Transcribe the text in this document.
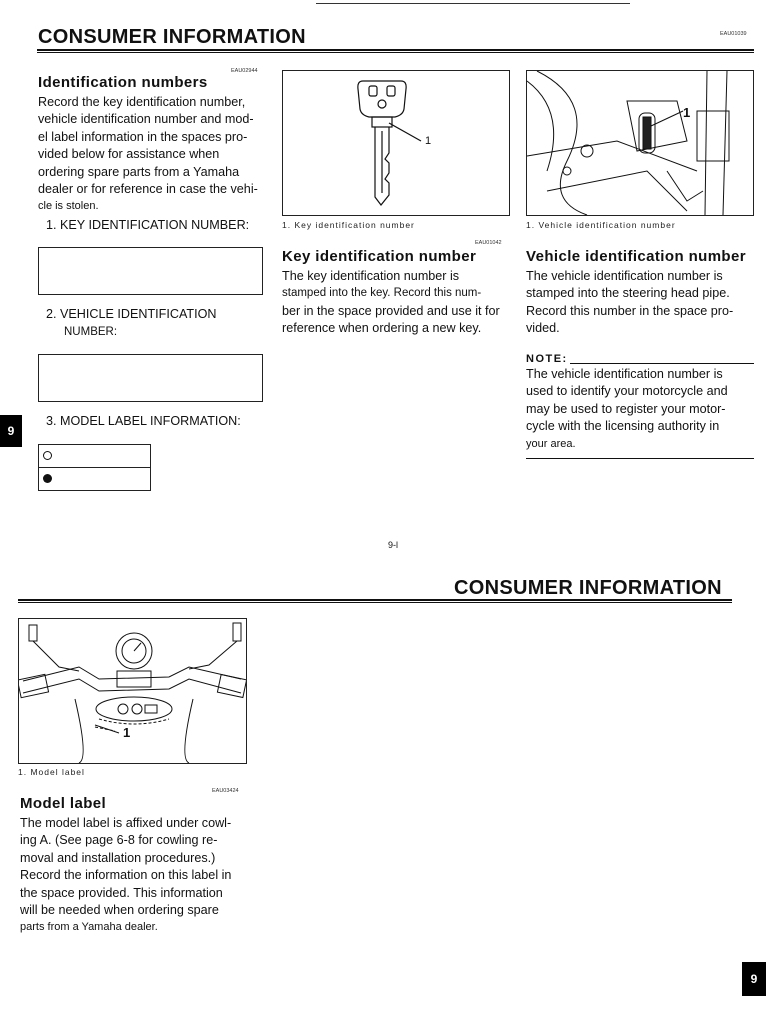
CONSUMER INFORMATION	EAU01039
EAU02944
Identification numbers
Record the key identification number,
vehicle identification number and mod-
el label information in the spaces pro-
vided below for assistance when
ordering spare parts from a Yamaha
dealer or for reference in case the vehi-
cle is stolen.
1. KEY IDENTIFICATION NUMBER:
2. VEHICLE IDENTIFICATION
NUMBER:
9
3. MODEL LABEL INFORMATION:
1
1. Key identification number
EAU01042
Key identification number
The key identification number is
stamped into the key. Record this num-
ber in the space provided and use it for
reference when ordering a new key.
1
1. Vehicle identification number
Vehicle identification number
The vehicle identification number is
stamped into the steering head pipe.
Record this number in the space pro-
vided.
NOTE:
The vehicle identification number is
used to identify your motorcycle and
may be used to register your motor-
cycle with the licensing authority in
your area.
9-l
CONSUMER INFORMATION
1
1. Model label
EAU03424
Model label
The model label is affixed under cowl-
ing A. (See page 6-8 for cowling re-
moval and installation procedures.)
Record the information on this label in
the space provided. This information
will be needed when ordering spare
parts from a Yamaha dealer.
9
